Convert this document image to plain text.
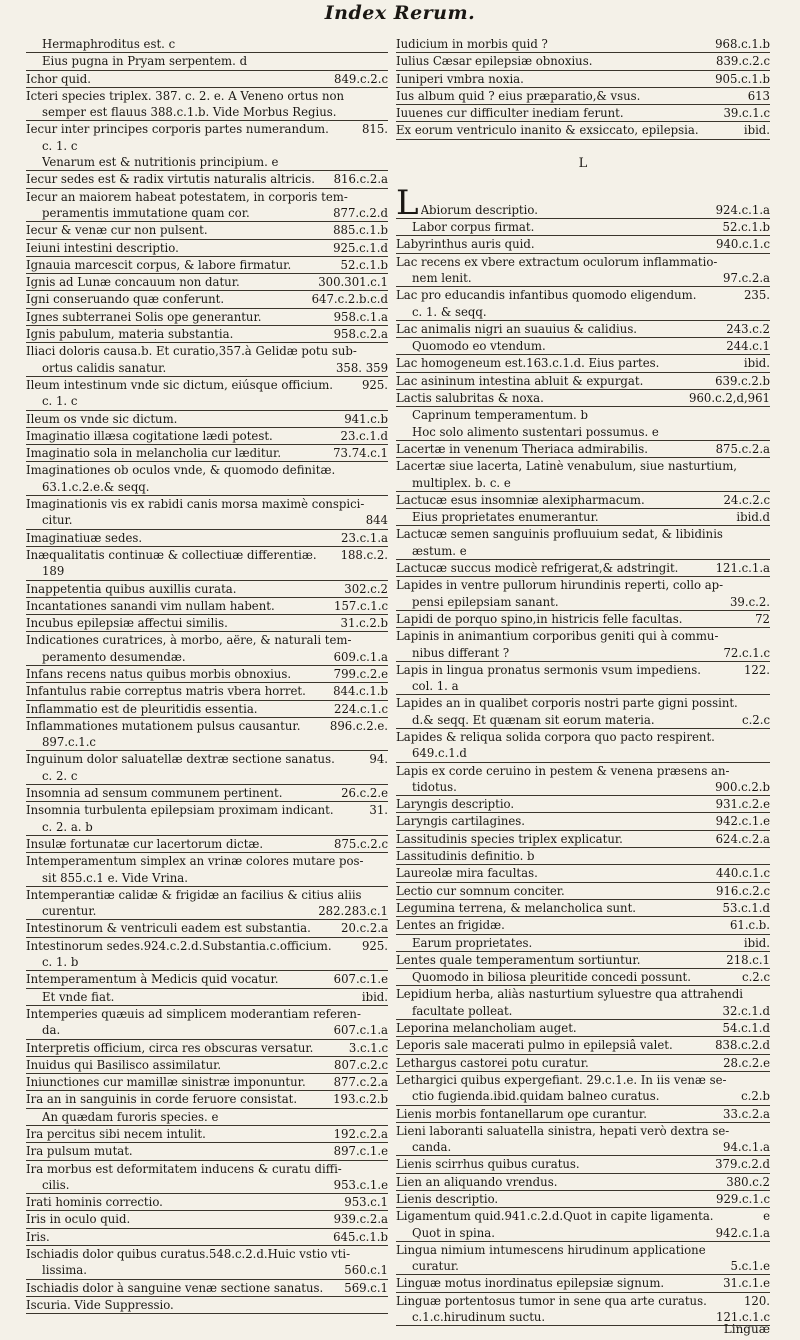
Index Rerum.
Hermaphroditus est. c
Eius pugna in Pryam serpentem. d
Ichor quid.	849.c.2.c
Icteri species triplex. 387. c. 2. e. A Veneno ortus non
semper est flauus 388.c.1.b. Vide Morbus Regius.
Iecur inter principes corporis partes numerandum.	815.
c. 1. c
Venarum est & nutritionis principium. e
Iecur sedes est & radix virtutis naturalis altricis.	816.c.2.a
Iecur an maiorem habeat potestatem, in corporis tem-
peramentis immutatione quam cor.	877.c.2.d
Iecur & venæ cur non pulsent.	885.c.1.b
Ieiuni intestini descriptio.	925.c.1.d
Ignauia marcescit corpus, & labore firmatur.	52.c.1.b
Ignis ad Lunæ concauum non datur.	300.301.c.1
Igni conseruando quæ conferunt.	647.c.2.b.c.d
Ignes subterranei Solis ope generantur.	958.c.1.a
Ignis pabulum, materia substantia.	958.c.2.a
Iliaci doloris causa.b. Et curatio,357.à Gelidæ potu sub-
ortus calidis sanatur.	358. 359
Ileum intestinum vnde sic dictum, eiúsque officium.	925.
c. 1. c
Ileum os vnde sic dictum.	941.c.b
Imaginatio illæsa cogitatione lædi potest.	23.c.1.d
Imaginatio sola in melancholia cur læditur.	73.74.c.1
Imaginationes ob oculos vnde, & quomodo definitæ.
63.1.c.2.e.& seqq.
Imaginationis vis ex rabidi canis morsa maximè conspici-
citur.	844
Imaginatiuæ sedes.	23.c.1.a
Inæqualitatis continuæ & collectiuæ differentiæ.	188.c.2.
189
Inappetentia quibus auxillis curata.	302.c.2
Incantationes sanandi vim nullam habent.	157.c.1.c
Incubus epilepsiæ affectui similis.	31.c.2.b
Indicationes curatrices, à morbo, aëre, & naturali tem-
peramento desumendæ.	609.c.1.a
Infans recens natus quibus morbis obnoxius.	799.c.2.e
Infantulus rabie correptus matris vbera horret.	844.c.1.b
Inflammatio est de pleuritidis essentia.	224.c.1.c
Inflammationes mutationem pulsus causantur.	896.c.2.e.
897.c.1.c
Inguinum dolor saluatellæ dextræ sectione sanatus.	94.
c. 2. c
Insomnia ad sensum communem pertinent.	26.c.2.e
Insomnia turbulenta epilepsiam proximam indicant.	31.
c. 2. a. b
Insulæ fortunatæ cur lacertorum dictæ.	875.c.2.c
Intemperamentum simplex an vrinæ colores mutare pos-
sit 855.c.1 e. Vide Vrina.
Intemperantiæ calidæ & frigidæ an facilius & citius aliis
curentur.	282.283.c.1
Intestinorum & ventriculi eadem est substantia.	20.c.2.a
Intestinorum sedes.924.c.2.d.Substantia.c.officium.	925.
c. 1. b
Intemperamentum à Medicis quid vocatur.	607.c.1.e
Et vnde fiat.	ibid.
Intemperies quæuis ad simplicem moderantiam referen-
da.	607.c.1.a
Interpretis officium, circa res obscuras versatur.	3.c.1.c
Inuidus qui Basilisco assimilatur.	807.c.2.c
Iniunctiones cur mamillæ sinistræ imponuntur.	877.c.2.a
Ira an in sanguinis in corde feruore consistat.	193.c.2.b
An quædam furoris species. e
Ira percitus sibi necem intulit.	192.c.2.a
Ira pulsum mutat.	897.c.1.e
Ira morbus est deformitatem inducens & curatu diffi-
cilis.	953.c.1.e
Irati hominis correctio.	953.c.1
Iris in oculo quid.	939.c.2.a
Iris.	645.c.1.b
Ischiadis dolor quibus curatus.548.c.2.d.Huic vstio vti-
lissima.	560.c.1
Ischiadis dolor à sanguine venæ sectione sanatus.	569.c.1
Iscuria. Vide Suppressio.
Iudicium in morbis quid ?	968.c.1.b
Iulius Cæsar epilepsiæ obnoxius.	839.c.2.c
Iuniperi vmbra noxia.	905.c.1.b
Ius album quid ? eius præparatio,& vsus.	613
Iuuenes cur difficulter inediam ferunt.	39.c.1.c
Ex eorum ventriculo inanito & exsiccato, epilepsia.	ibid.
L
L Abiorum descriptio.	924.c.1.a
Labor corpus firmat.	52.c.1.b
Labyrinthus auris quid.	940.c.1.c
Lac recens ex vbere extractum oculorum inflammatio-
nem lenit.	97.c.2.a
Lac pro educandis infantibus quomodo eligendum.	235.
c. 1. & seqq.
Lac animalis nigri an suauius & calidius.	243.c.2
Quomodo eo vtendum.	244.c.1
Lac homogeneum est.163.c.1.d. Eius partes.	ibid.
Lac asininum intestina abluit & expurgat.	639.c.2.b
Lactis salubritas & noxa.	960.c.2,d,961
Caprinum temperamentum. b
Hoc solo alimento sustentari possumus. e
Lacertæ in venenum Theriaca admirabilis.	875.c.2.a
Lacertæ siue lacerta, Latinè venabulum, siue nasturtium,
multiplex. b. c. e
Lactucæ esus insomniæ alexipharmacum.	24.c.2.c
Eius proprietates enumerantur.	ibid.d
Lactucæ semen sanguinis profluuium sedat, & libidinis
æstum. e
Lactucæ succus modicè refrigerat,& adstringit.	121.c.1.a
Lapides in ventre pullorum hirundinis reperti, collo ap-
pensi epilepsiam sanant.	39.c.2.
Lapidi de porquo spino,in histricis felle facultas.	72
Lapinis in animantium corporibus geniti qui à commu-
nibus differant ?	72.c.1.c
Lapis in lingua pronatus sermonis vsum impediens.	122.
col. 1. a
Lapides an in qualibet corporis nostri parte gigni possint.
d.& seqq. Et quænam sit eorum materia.	c.2.c
Lapides & reliqua solida corpora quo pacto respirent.
649.c.1.d
Lapis ex corde ceruino in pestem & venena præsens an-
tidotus.	900.c.2.b
Laryngis descriptio.	931.c.2.e
Laryngis cartilagines.	942.c.1.e
Lassitudinis species triplex explicatur.	624.c.2.a
Lassitudinis definitio. b
Laureolæ mira facultas.	440.c.1.c
Lectio cur somnum conciter.	916.c.2.c
Legumina terrena, & melancholica sunt.	53.c.1.d
Lentes an frigidæ.	61.c.b.
Earum proprietates.	ibid.
Lentes quale temperamentum sortiuntur.	218.c.1
Quomodo in biliosa pleuritide concedi possunt.	c.2.c
Lepidium herba, aliàs nasturtium syluestre qua attrahendi
facultate polleat.	32.c.1.d
Leporina melancholiam auget.	54.c.1.d
Leporis sale macerati pulmo in epilepsiâ valet.	838.c.2.d
Lethargus castorei potu curatur.	28.c.2.e
Lethargici quibus expergefiant. 29.c.1.e. In iis venæ se-
ctio fugienda.ibid.quidam balneo curatus.	c.2.b
Lienis morbis fontanellarum ope curantur.	33.c.2.a
Lieni laboranti saluatella sinistra, hepati verò dextra se-
canda.	94.c.1.a
Lienis scirrhus quibus curatus.	379.c.2.d
Lien an aliquando vrendus.	380.c.2
Lienis descriptio.	929.c.1.c
Ligamentum quid.941.c.2.d.Quot in capite ligamenta.	e
Quot in spina.	942.c.1.a
Lingua nimium intumescens hirudinum applicatione
curatur.	5.c.1.e
Linguæ motus inordinatus epilepsiæ signum.	31.c.1.e
Linguæ portentosus tumor in sene qua arte curatus.	120.
c.1.c.hirudinum suctu.	121.c.1.c
Linguæ
